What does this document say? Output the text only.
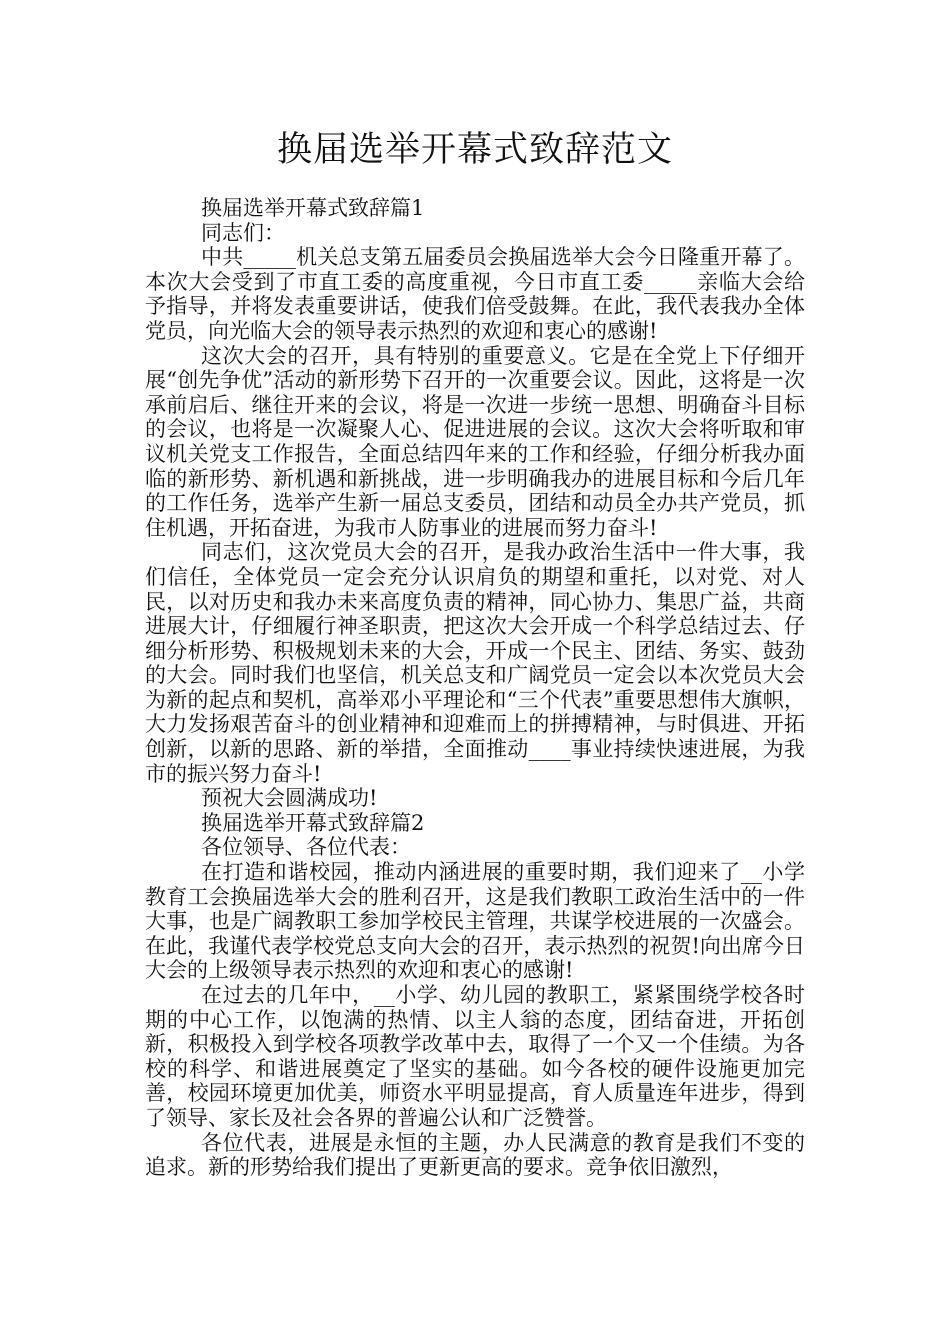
换届选举开幕式致辞范文

换届选举开幕式致辞篇1

同志们：

中共_____机关总支第五届委员会换届选举大会今日隆重开幕了。本次大会受到了市直工委的高度重视，今日市直工委_____亲临大会给予指导，并将发表重要讲话，使我们倍受鼓舞。在此，我代表我办全体党员，向光临大会的领导表示热烈的欢迎和衷心的感谢!

这次大会的召开，具有特别的重要意义。它是在全党上下仔细开展“创先争优”活动的新形势下召开的一次重要会议。因此，这将是一次承前启后、继往开来的会议，将是一次进一步统一思想、明确奋斗目标的会议，也将是一次凝聚人心、促进进展的会议。这次大会将听取和审议机关党支工作报告，全面总结四年来的工作和经验，仔细分析我办面临的新形势、新机遇和新挑战，进一步明确我办的进展目标和今后几年的工作任务，选举产生新一届总支委员，团结和动员全办共产党员，抓住机遇，开拓奋进，为我市人防事业的进展而努力奋斗!

同志们，这次党员大会的召开，是我办政治生活中一件大事，我们信任，全体党员一定会充分认识肩负的期望和重托，以对党、对人民，以对历史和我办未来高度负责的精神，同心协力、集思广益，共商进展大计，仔细履行神圣职责，把这次大会开成一个科学总结过去、仔细分析形势、积极规划未来的大会，开成一个民主、团结、务实、鼓劲的大会。同时我们也坚信，机关总支和广阔党员一定会以本次党员大会为新的起点和契机，高举邓小平理论和“三个代表”重要思想伟大旗帜，大力发扬艰苦奋斗的创业精神和迎难而上的拼搏精神，与时俱进、开拓创新，以新的思路、新的举措，全面推动____事业持续快速进展，为我市的振兴努力奋斗!

预祝大会圆满成功!

换届选举开幕式致辞篇2

各位领导、各位代表：

在打造和谐校园，推动内涵进展的重要时期，我们迎来了__小学教育工会换届选举大会的胜利召开，这是我们教职工政治生活中的一件大事，也是广阔教职工参加学校民主管理，共谋学校进展的一次盛会。在此，我谨代表学校党总支向大会的召开，表示热烈的祝贺!向出席今日大会的上级领导表示热烈的欢迎和衷心的感谢!

在过去的几年中，__小学、幼儿园的教职工，紧紧围绕学校各时期的中心工作，以饱满的热情、以主人翁的态度，团结奋进，开拓创新，积极投入到学校各项教学改革中去，取得了一个又一个佳绩。为各校的科学、和谐进展奠定了坚实的基础。如今各校的硬件设施更加完善，校园环境更加优美，师资水平明显提高，育人质量连年进步，得到了领导、家长及社会各界的普遍公认和广泛赞誉。

各位代表，进展是永恒的主题，办人民满意的教育是我们不变的追求。新的形势给我们提出了更新更高的要求。竞争依旧激烈，
